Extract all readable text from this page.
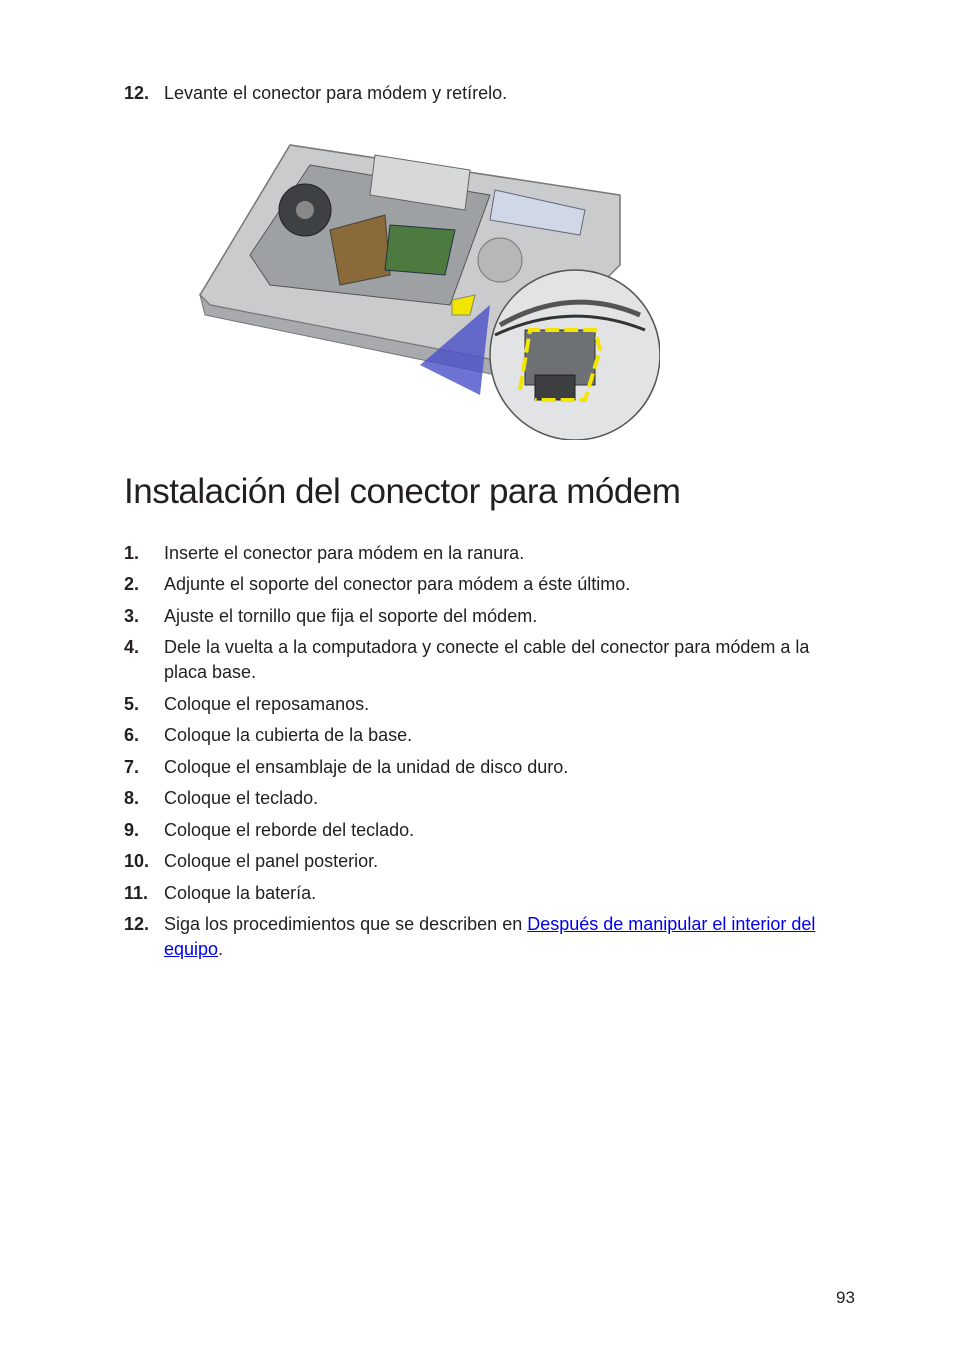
12. Levante el conector para módem y retírelo.
Instalación del conector para módem
1.	Inserte el conector para módem en la ranura.
2.	Adjunte el soporte del conector para módem a éste último.
3.	Ajuste el tornillo que fija el soporte del módem.
4.	Dele la vuelta a la computadora y conecte el cable del conector para módem a la placa base.
5.	Coloque el reposamanos.
6.	Coloque la cubierta de la base.
7.	Coloque el ensamblaje de la unidad de disco duro.
8.	Coloque el teclado.
9.	Coloque el reborde del teclado.
10. Coloque el panel posterior.
11. Coloque la batería.
12. Siga los procedimientos que se describen en Después de manipular el interior del equipo.
93
